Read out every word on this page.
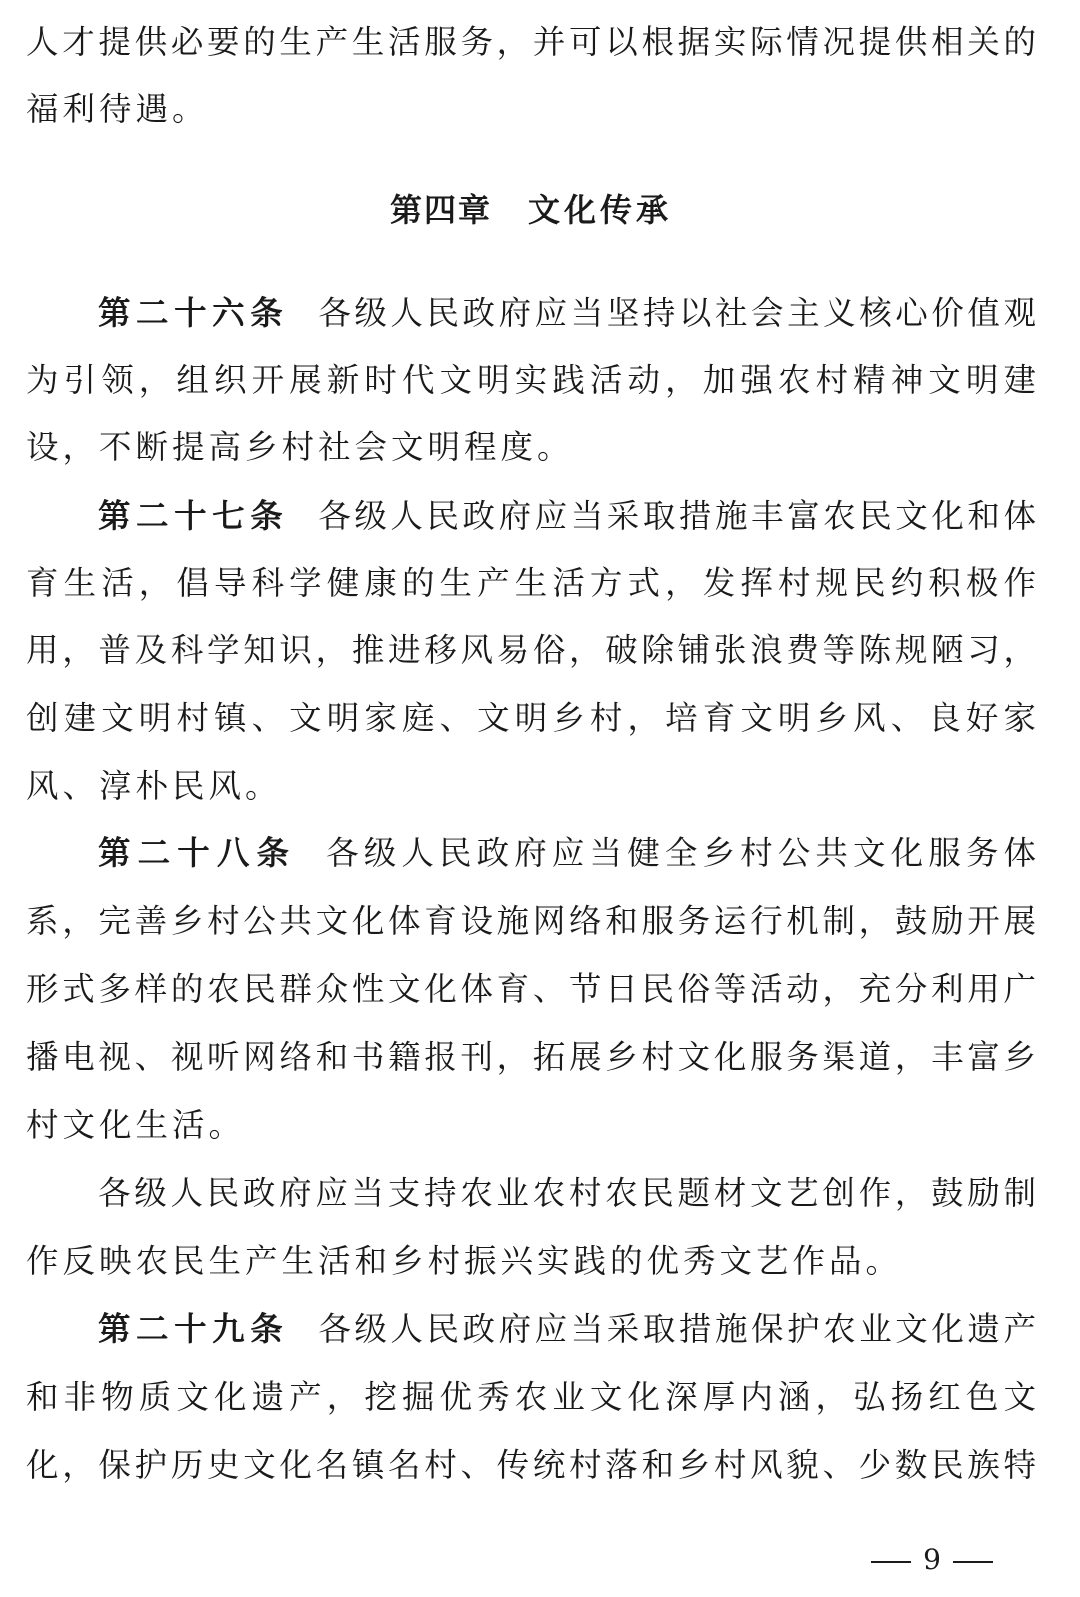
人才提供必要的生产生活服务，并可以根据实际情况提供相关的
福利待遇。
第四章 文化传承
第二十六条 各级人民政府应当坚持以社会主义核心价值观
为引领，组织开展新时代文明实践活动，加强农村精神文明建
设，不断提高乡村社会文明程度。
第二十七条 各级人民政府应当采取措施丰富农民文化和体
育生活，倡导科学健康的生产生活方式，发挥村规民约积极作
用，普及科学知识，推进移风易俗，破除铺张浪费等陈规陋习，
创建文明村镇、文明家庭、文明乡村，培育文明乡风、良好家
风、淳朴民风。
第二十八条 各级人民政府应当健全乡村公共文化服务体
系，完善乡村公共文化体育设施网络和服务运行机制，鼓励开展
形式多样的农民群众性文化体育、节日民俗等活动，充分利用广
播电视、视听网络和书籍报刊，拓展乡村文化服务渠道，丰富乡
村文化生活。
各级人民政府应当支持农业农村农民题材文艺创作，鼓励制
作反映农民生产生活和乡村振兴实践的优秀文艺作品。
第二十九条 各级人民政府应当采取措施保护农业文化遗产
和非物质文化遗产，挖掘优秀农业文化深厚内涵，弘扬红色文
化，保护历史文化名镇名村、传统村落和乡村风貌、少数民族特
9
